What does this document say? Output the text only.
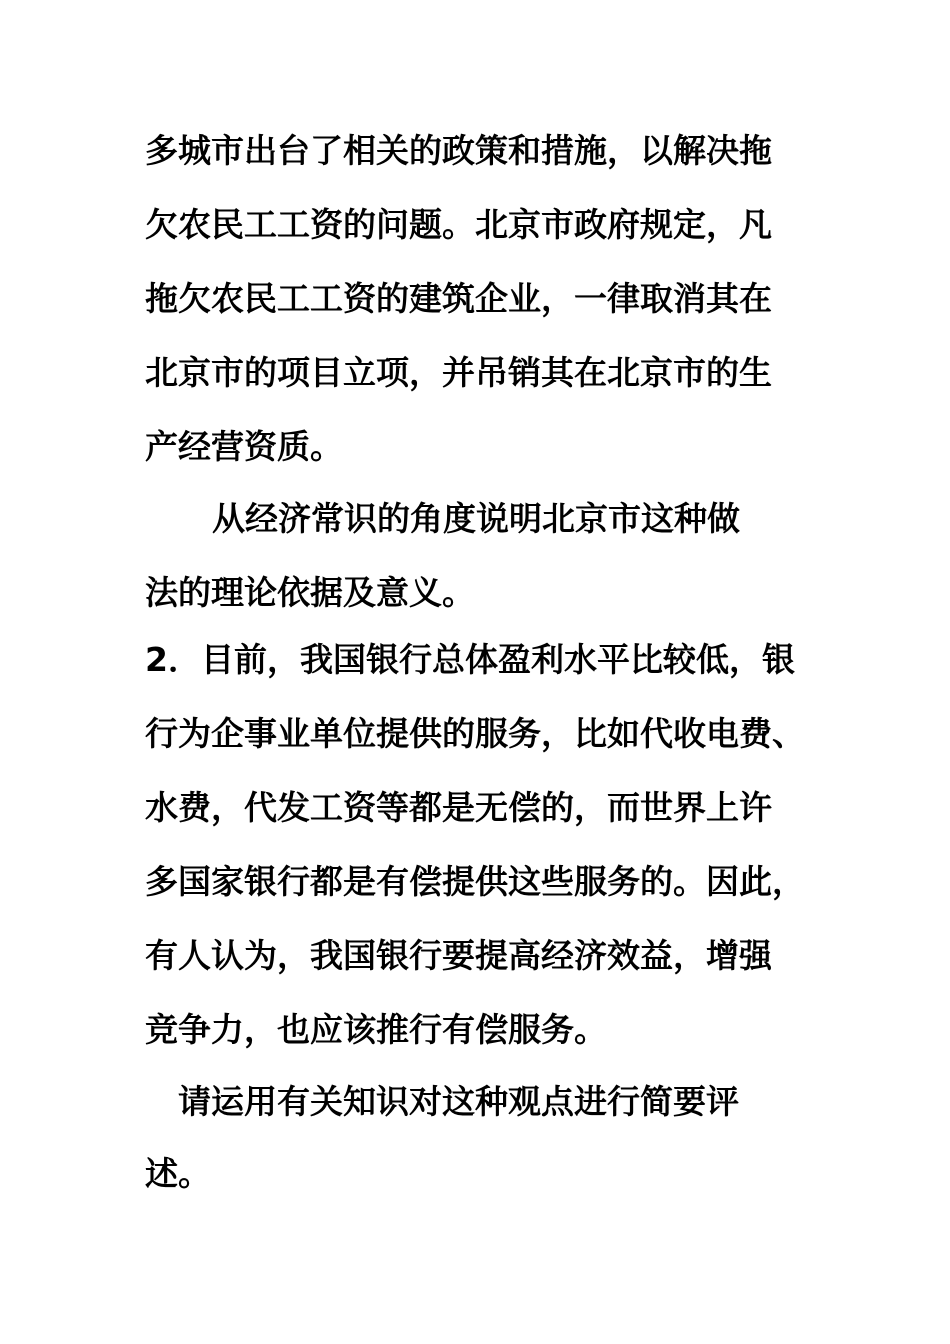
多城市出台了相关的政策和措施，以解决拖
欠农民工工资的问题。北京市政府规定，凡
拖欠农民工工资的建筑企业，一律取消其在
北京市的项目立项，并吊销其在北京市的生
产经营资质。
从经济常识的角度说明北京市这种做
法的理论依据及意义。
2．目前，我国银行总体盈利水平比较低，银
行为企事业单位提供的服务，比如代收电费、
水费，代发工资等都是无偿的，而世界上许
多国家银行都是有偿提供这些服务的。因此，
有人认为，我国银行要提高经济效益，增强
竞争力，也应该推行有偿服务。
请运用有关知识对这种观点进行简要评
述。
